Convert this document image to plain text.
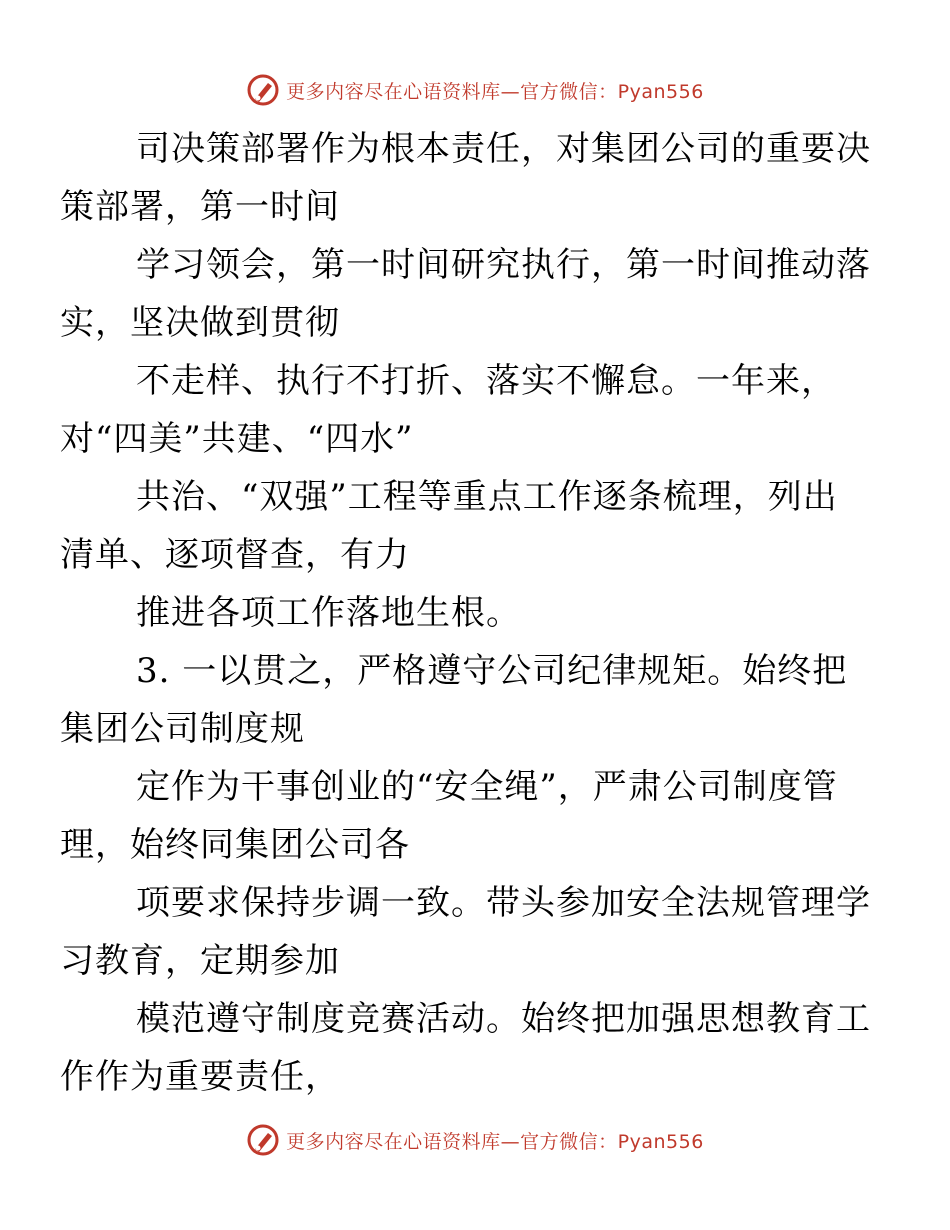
更多内容尽在心语资料库—官方微信：Pyan556

司决策部署作为根本责任，对集团公司的重要决
策部署，第一时间

学习领会，第一时间研究执行，第一时间推动落
实，坚决做到贯彻

不走样、执行不打折、落实不懈怠。一年来，
对“四美”共建、“四水”

共治、“双强”工程等重点工作逐条梳理，列出
清单、逐项督查，有力

推进各项工作落地生根。

3. 一以贯之，严格遵守公司纪律规矩。始终把
集团公司制度规

定作为干事创业的“安全绳”，严肃公司制度管
理，始终同集团公司各

项要求保持步调一致。带头参加安全法规管理学
习教育，定期参加

模范遵守制度竞赛活动。始终把加强思想教育工
作作为重要责任，

更多内容尽在心语资料库—官方微信：Pyan556
